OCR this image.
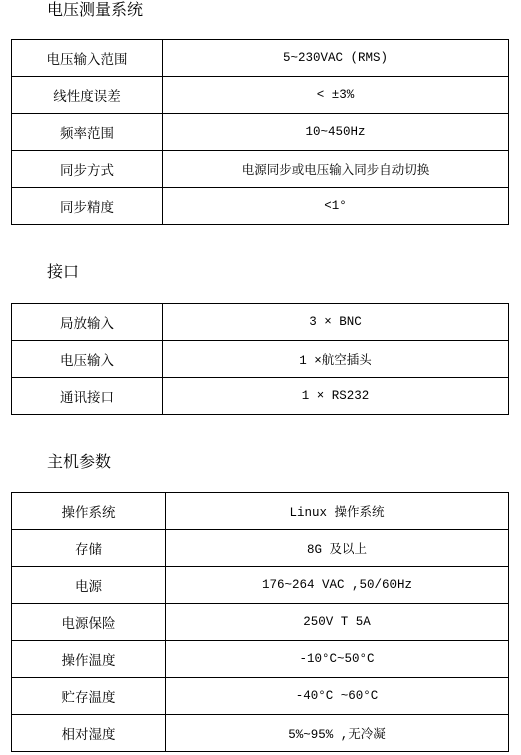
电压测量系统
电压输入范围	5~230VAC (RMS)
线性度误差	< ±3%
频率范围	10~450Hz
同步方式	电源同步或电压输入同步自动切换
同步精度	<1°
接口
局放输入	3 × BNC
电压输入	1 ×航空插头
通讯接口	1 × RS232
主机参数
操作系统	Linux 操作系统
存储	8G 及以上
电源	176~264 VAC ,50/60Hz
电源保险	250V T 5A
操作温度	-10°C~50°C
贮存温度	-40°C ~60°C
相对湿度	5%~95% ,无冷凝
